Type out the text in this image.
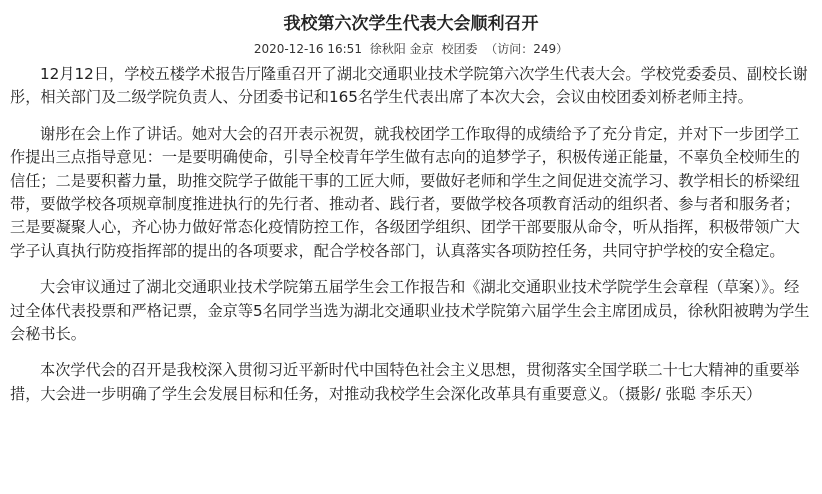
我校第六次学生代表大会顺利召开
2020-12-16 16:51 徐秋阳 金京 校团委 （访问：249）

12月12日，学校五楼学术报告厅隆重召开了湖北交通职业技术学院第六次学生代表大会。学校党委委员、副校长谢彤，相关部门及二级学院负责人、分团委书记和165名学生代表出席了本次大会，会议由校团委刘桥老师主持。

谢彤在会上作了讲话。她对大会的召开表示祝贺，就我校团学工作取得的成绩给予了充分肯定，并对下一步团学工作提出三点指导意见：一是要明确使命，引导全校青年学生做有志向的追梦学子，积极传递正能量，不辜负全校师生的信任；二是要积蓄力量，助推交院学子做能干事的工匠大师，要做好老师和学生之间促进交流学习、教学相长的桥梁纽带，要做学校各项规章制度推进执行的先行者、推动者、践行者，要做学校各项教育活动的组织者、参与者和服务者；三是要凝聚人心，齐心协力做好常态化疫情防控工作，各级团学组织、团学干部要服从命令，听从指挥，积极带领广大学子认真执行防疫指挥部的提出的各项要求，配合学校各部门，认真落实各项防控任务，共同守护学校的安全稳定。

大会审议通过了湖北交通职业技术学院第五届学生会工作报告和《湖北交通职业技术学院学生会章程（草案）》。经过全体代表投票和严格记票，金京等5名同学当选为湖北交通职业技术学院第六届学生会主席团成员，徐秋阳被聘为学生会秘书长。

本次学代会的召开是我校深入贯彻习近平新时代中国特色社会主义思想，贯彻落实全国学联二十七大精神的重要举措，大会进一步明确了学生会发展目标和任务，对推动我校学生会深化改革具有重要意义。（摄影/ 张聪 李乐天）
